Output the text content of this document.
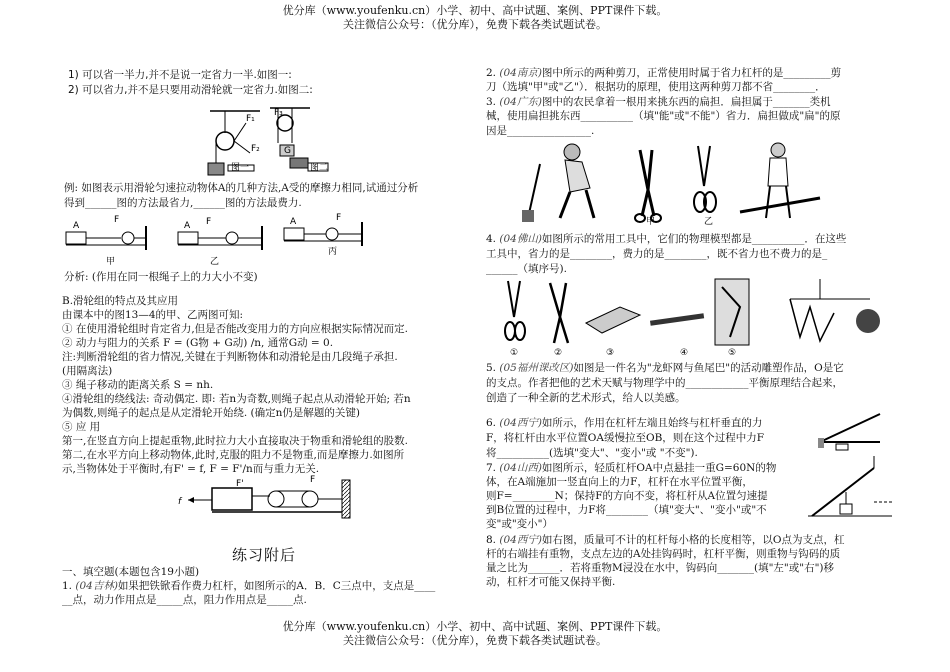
优分库（www.youfenku.cn）小学、初中、高中试题、案例、PPT课件下载。
关注微信公众号：（优分库），免费下载各类试题试卷。
1) 可以省一半力,并不是说一定省力一半.如图一:
2) 可以省力,并不是只要用动滑轮就一定省力.如图二:
图一
F₁
F₂	G
F₃
图二
例: 如图表示用滑轮匀速拉动物体A的几种方法,A受的摩擦力相同,试通过分析
得到______图的方法最省力,______图的方法最费力.
A
F
甲
A F
乙
A	F
丙
分析: (作用在同一根绳子上的力大小不变)
B.滑轮组的特点及其应用
由课本中的图13—4的甲、乙两图可知:
① 在使用滑轮组时肯定省力,但是否能改变用力的方向应根据实际情况而定.
② 动力与阻力的关系 F = (G物 + G动) /n, 通常G动 = 0.
注:判断滑轮组的省力情况,关键在于判断物体和动滑轮是由几段绳子承担.
(用隔离法)
③ 绳子移动的距离关系 S = nh.
④滑轮组的绕线法: 奇动偶定. 即: 若n为奇数,则绳子起点从动滑轮开始; 若n
为偶数,则绳子的起点是从定滑轮开始绕. (确定n仍是解题的关键)
⑤ 应 用
第一,在竖直方向上提起重物,此时拉力大小直接取决于物重和滑轮组的股数.
第二,在水平方向上移动物体,此时,克服的阻力不是物重,而是摩擦力.如图所
示,当物体处于平衡时,有F' = f, F = F'/n而与重力无关.
f
F'	F
练习附后
一、填空题(本题包含19小题)
1. (04吉林)如果把铁锨看作费力杠杆，如图所示的A．B．C三点中，支点是____
__点，动力作用点是_____点，阻力作用点是_____点.
2. (04南京)图中所示的两种剪刀，正常使用时属于省力杠杆的是_________剪
刀（选填"甲"或"乙"）．根据功的原理，使用这两种剪刀都不省________．
3. (04广东)图中的农民拿着一根用来挑东西的扁担．扁担属于_______类机
械，使用扁担挑东西__________（填"能"或"不能"）省力．扁担做成"扁"的原
因是________________.
甲	乙
4. (04佛山)如图所示的常用工具中，它们的物理模型都是__________．在这些
工具中，省力的是________，费力的是________，既不省力也不费力的是_
______（填序号).
①	②	③	④	⑤
5. (05福州课改区)如图是一件名为"龙虾网与鱼尾巴"的活动雕塑作品，O是它
的支点。作者把他的艺术天赋与物理学中的____________平衡原理结合起来，
创造了一种全新的艺术形式，给人以美感。
6. (04西宁)如所示，作用在杠杆左端且始终与杠杆垂直的力
F，将杠杆由水平位置OA缓慢拉至OB，则在这个过程中力F
将__________(选填"变大"、"变小"或 "不变").
7. (04山西)如图所示，轻质杠杆OA中点悬挂一重G=60N的物
体，在A端施加一竖直向上的力F，杠杆在水平位置平衡，
则F=________N；保持F的方向不变，将杠杆从A位置匀速提
到B位置的过程中，力F将________（填"变大"、"变小"或"不
变"或"变小"）
8. (04西宁)如右图，质量可不计的杠杆每小格的长度相等，以O点为支点，杠
杆的右端挂有重物，支点左边的A处挂钩码时，杠杆平衡，则重物与钩码的质
量之比为______．若将重物M浸没在水中，钩码向_______(填"左"或"右")移
动，杠杆才可能又保持平衡.
优分库（www.youfenku.cn）小学、初中、高中试题、案例、PPT课件下载。
关注微信公众号：（优分库），免费下载各类试题试卷。
